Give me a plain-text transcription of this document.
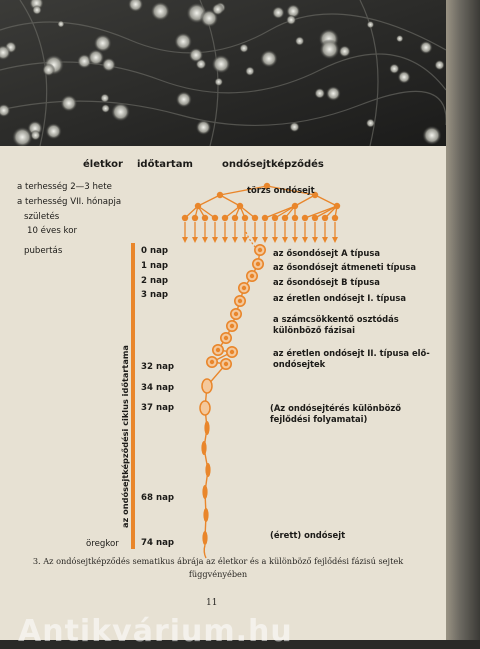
életkor időtartam	ondósejtképződés
a terhesség 2—3 hete
a terhesség VII. hónapja
születés
10 éves kor
pubertás
öregkor
törzs ondósejt
az ondósejtképződési ciklus időtartama
0 nap
1 nap
2 nap
3 nap
32 nap
34 nap
37 nap
68 nap
74 nap
az ősondósejt A típusa
az ősondósejt átmeneti típusa
az ősondósejt B típusa
az éretlen ondósejt I. típusa
a számcsökkentő osztódás különböző fázisai
az éretlen ondósejt II. típusa elő-ondósejtek
(Az ondósejtérés különböző fejlődési folyamatai)
(érett) ondósejt
3. Az ondósejtképződés sematikus ábrája az életkor és a különböző fejlődési fázisú sejtek függvényében
11
Antikvárium.hu
